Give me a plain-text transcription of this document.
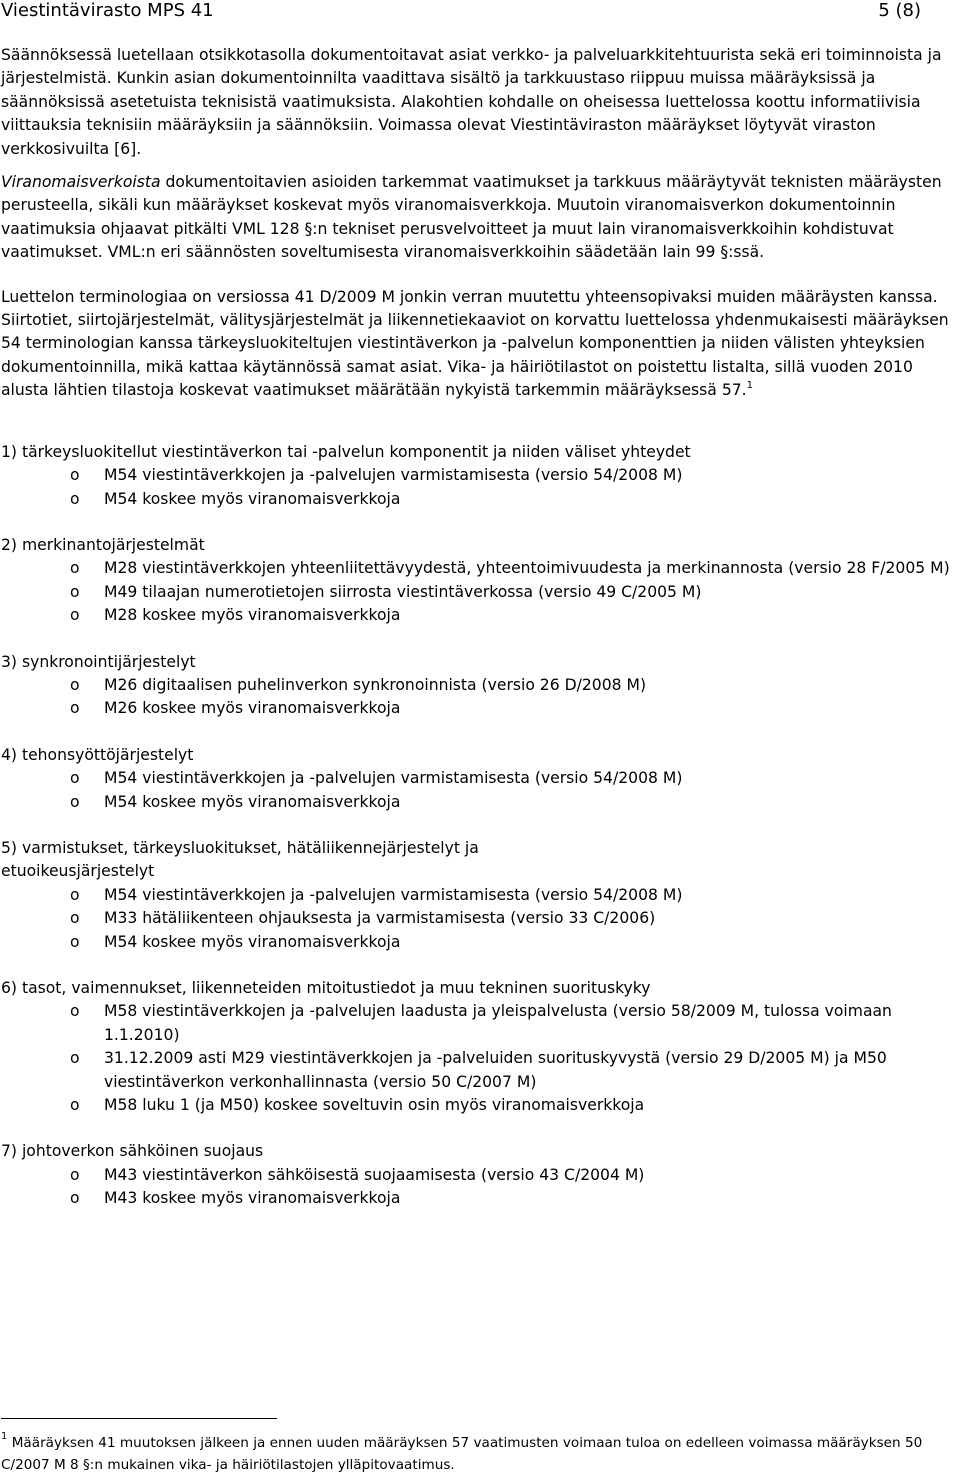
Viestintävirasto MPS 41	5 (8)

Säännöksessä luetellaan otsikkotasolla dokumentoitavat asiat verkko- ja palveluarkkitehtuurista sekä eri toiminnoista ja järjestelmistä. Kunkin asian dokumentoinnilta vaadittava sisältö ja tarkkuustaso riippuu muissa määräyksissä ja säännöksissä asetetuista teknisistä vaatimuksista. Alakohtien kohdalle on oheisessa luettelossa koottu informatiivisia viittauksia teknisiin määräyksiin ja säännöksiin. Voimassa olevat Viestintäviraston määräykset löytyvät viraston verkkosivuilta [6].

Viranomaisverkoista dokumentoitavien asioiden tarkemmat vaatimukset ja tarkkuus määräytyvät teknisten määräysten perusteella, sikäli kun määräykset koskevat myös viranomaisverkkoja. Muutoin viranomaisverkon dokumentoinnin vaatimuksia ohjaavat pitkälti VML 128 §:n tekniset perusvelvoitteet ja muut lain viranomaisverkkoihin kohdistuvat vaatimukset. VML:n eri säännösten soveltumisesta viranomaisverkkoihin säädetään lain 99 §:ssä.

Luettelon terminologiaa on versiossa 41 D/2009 M jonkin verran muutettu yhteensopivaksi muiden määräysten kanssa. Siirtotiet, siirtojärjestelmät, välitysjärjestelmät ja liikennetiekaaviot on korvattu luettelossa yhdenmukaisesti määräyksen 54 terminologian kanssa tärkeysluokiteltujen viestintäverkon ja -palvelun komponenttien ja niiden välisten yhteyksien dokumentoinnilla, mikä kattaa käytännössä samat asiat. Vika- ja häiriötilastot on poistettu listalta, sillä vuoden 2010 alusta lähtien tilastoja koskevat vaatimukset määrätään nykyistä tarkemmin määräyksessä 57.$^1$

1) tärkeysluokitellut viestintäverkon tai -palvelun komponentit ja niiden väliset yhteydet
o	M54 viestintäverkkojen ja -palvelujen varmistamisesta (versio 54/2008 M)
o	M54 koskee myös viranomaisverkkoja
2) merkinantojärjestelmät
o	M28 viestintäverkkojen yhteenliitettävyydestä, yhteentoimivuudesta ja merkinannosta (versio 28 F/2005 M)
o	M49 tilaajan numerotietojen siirrosta viestintäverkossa (versio 49 C/2005 M)
o	M28 koskee myös viranomaisverkkoja
3) synkronointijärjestelyt
o	M26 digitaalisen puhelinverkon synkronoinnista (versio 26 D/2008 M)
o	M26 koskee myös viranomaisverkkoja
4) tehonsyöttöjärjestelyt
o	M54 viestintäverkkojen ja -palvelujen varmistamisesta (versio 54/2008 M)
o	M54 koskee myös viranomaisverkkoja
5) varmistukset, tärkeysluokitukset, hätäliikennejärjestelyt ja etuoikeusjärjestelyt
o	M54 viestintäverkkojen ja -palvelujen varmistamisesta (versio 54/2008 M)
o	M33 hätäliikenteen ohjauksesta ja varmistamisesta (versio 33 C/2006)
o	M54 koskee myös viranomaisverkkoja
6) tasot, vaimennukset, liikenneteiden mitoitustiedot ja muu tekninen suorituskyky
o	M58 viestintäverkkojen ja -palvelujen laadusta ja yleispalvelusta (versio 58/2009 M, tulossa voimaan 1.1.2010)
o	31.12.2009 asti M29 viestintäverkkojen ja -palveluiden suorituskyvystä (versio 29 D/2005 M) ja M50 viestintäverkon verkonhallinnasta (versio 50 C/2007 M)
o	M58 luku 1 (ja M50) koskee soveltuvin osin myös viranomaisverkkoja
7) johtoverkon sähköinen suojaus
o	M43 viestintäverkon sähköisestä suojaamisesta (versio 43 C/2004 M)
o	M43 koskee myös viranomaisverkkoja
$^1$ Määräyksen 41 muutoksen jälkeen ja ennen uuden määräyksen 57 vaatimusten voimaan tuloa on edelleen voimassa määräyksen 50 C/2007 M 8 §:n mukainen vika- ja häiriötilastojen ylläpitovaatimus.
